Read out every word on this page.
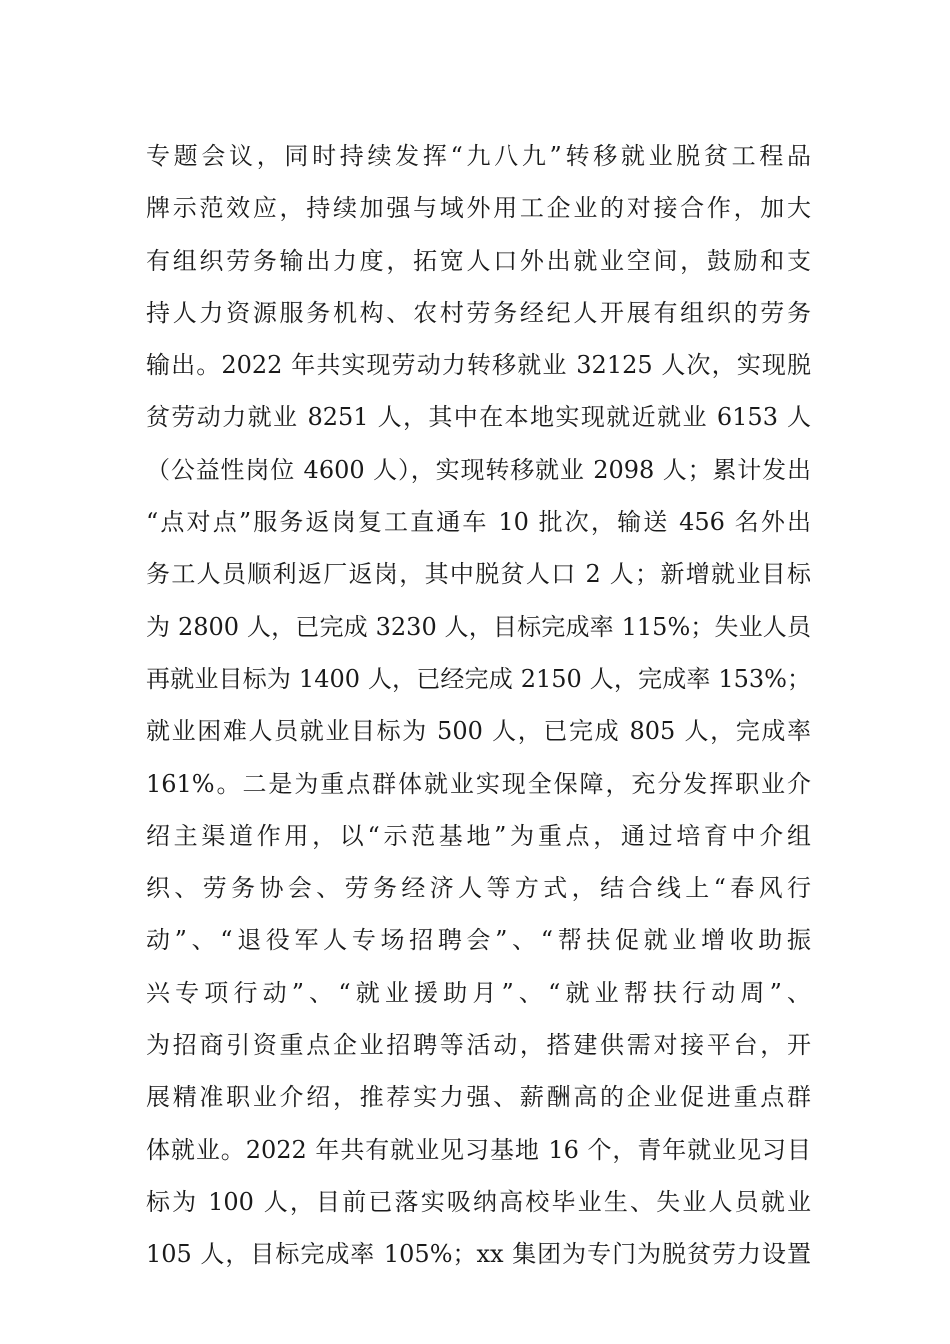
专题会议，同时持续发挥“九八九”转移就业脱贫工程品
牌示范效应，持续加强与域外用工企业的对接合作，加大
有组织劳务输出力度，拓宽人口外出就业空间，鼓励和支
持人力资源服务机构、农村劳务经纪人开展有组织的劳务
输出。2022 年共实现劳动力转移就业 32125 人次，实现脱
贫劳动力就业 8251 人，其中在本地实现就近就业 6153 人
（公益性岗位 4600 人），实现转移就业 2098 人；累计发出
“点对点”服务返岗复工直通车 10 批次，输送 456 名外出
务工人员顺利返厂返岗，其中脱贫人口 2 人；新增就业目标
为 2800 人，已完成 3230 人，目标完成率 115%；失业人员
再就业目标为 1400 人，已经完成 2150 人，完成率 153%；
就业困难人员就业目标为 500 人，已完成 805 人，完成率
161%。二是为重点群体就业实现全保障，充分发挥职业介
绍主渠道作用，以“示范基地”为重点，通过培育中介组
织、劳务协会、劳务经济人等方式，结合线上“春风行
动”、“退役军人专场招聘会”、“帮扶促就业增收助振
兴专项行动”、“就业援助月”、“就业帮扶行动周”、
为招商引资重点企业招聘等活动，搭建供需对接平台，开
展精准职业介绍，推荐实力强、薪酬高的企业促进重点群
体就业。2022 年共有就业见习基地 16 个，青年就业见习目
标为 100 人，目前已落实吸纳高校毕业生、失业人员就业
105 人，目标完成率 105%；xx 集团为专门为脱贫劳力设置
